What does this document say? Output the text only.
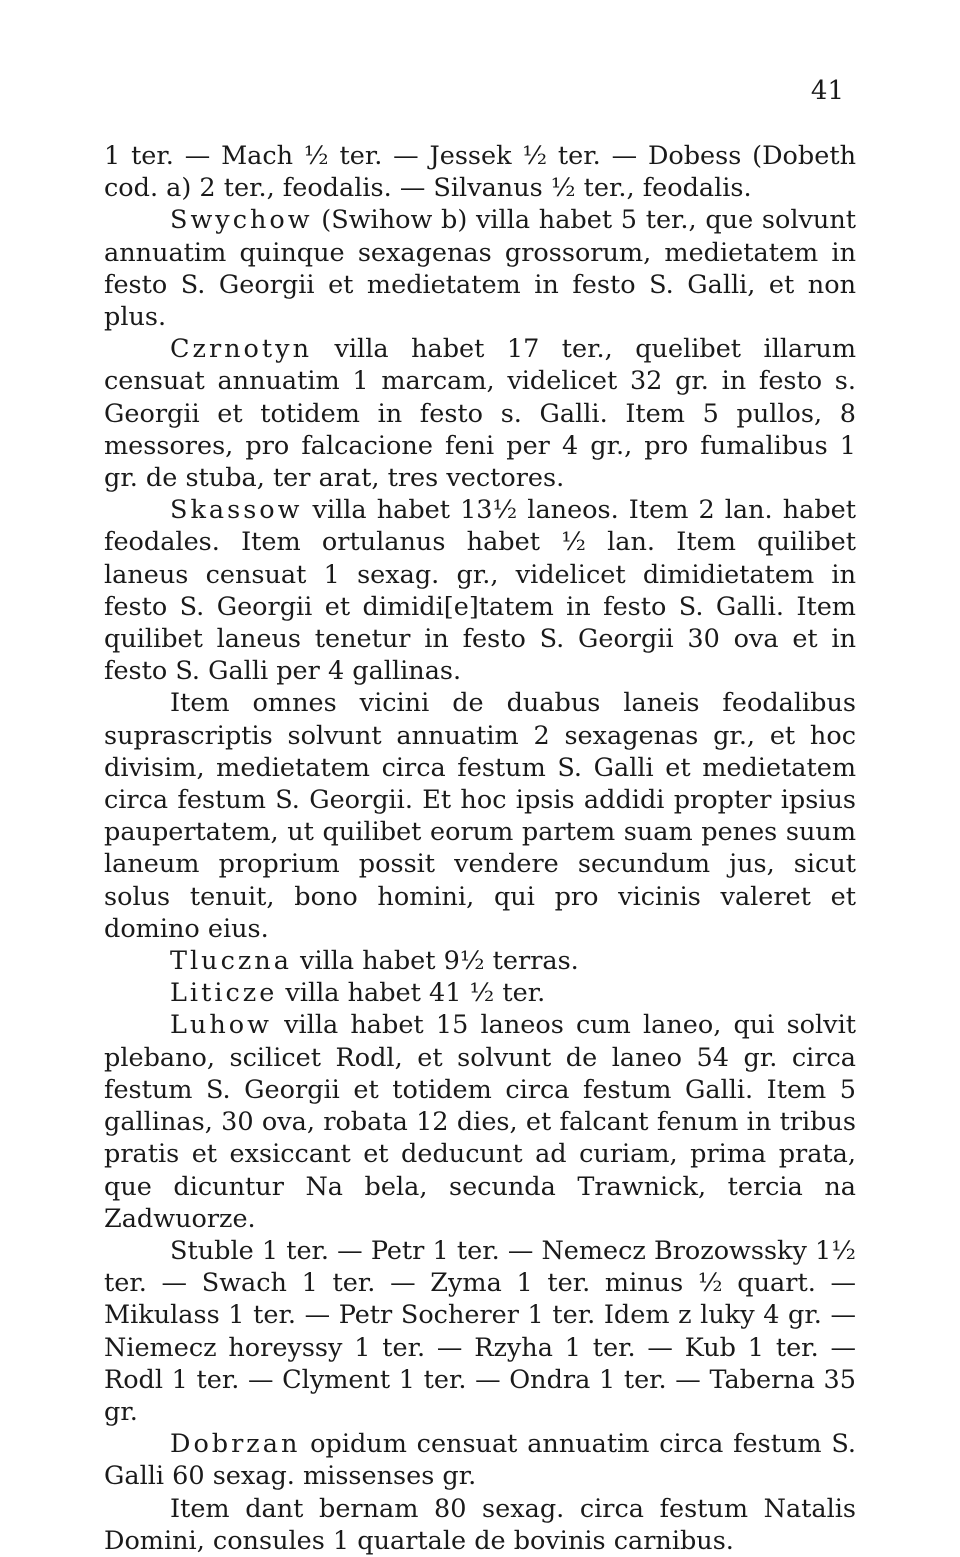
41

1 ter. — Mach ½ ter. — Jessek ½ ter. — Dobess (Dobeth cod. a) 2 ter., feodalis. — Silvanus ½ ter., feodalis.

Swychow (Swihow b) villa habet 5 ter., que solvunt annuatim quinque sexagenas grossorum, medietatem in festo S. Georgii et medietatem in festo S. Galli, et non plus.

Czrnotyn villa habet 17 ter., quelibet illarum censuat annuatim 1 marcam, videlicet 32 gr. in festo s. Georgii et totidem in festo s. Galli. Item 5 pullos, 8 messores, pro falcacione feni per 4 gr., pro fumalibus 1 gr. de stuba, ter arat, tres vectores.

Skassow villa habet 13½ laneos. Item 2 lan. habet feodales. Item ortulanus habet ½ lan. Item quilibet laneus censuat 1 sexag. gr., videlicet dimidietatem in festo S. Georgii et dimidi[e]tatem in festo S. Galli. Item quilibet laneus tenetur in festo S. Georgii 30 ova et in festo S. Galli per 4 gallinas.

Item omnes vicini de duabus laneis feodalibus suprascriptis solvunt annuatim 2 sexagenas gr., et hoc divisim, medietatem circa festum S. Galli et medietatem circa festum S. Georgii. Et hoc ipsis addidi propter ipsius paupertatem, ut quilibet eorum partem suam penes suum laneum proprium possit vendere secundum jus, sicut solus tenuit, bono homini, qui pro vicinis valeret et domino eius.

Tluczna villa habet 9½ terras.

Liticze villa habet 41 ½ ter.

Luhow villa habet 15 laneos cum laneo, qui solvit plebano, scilicet Rodl, et solvunt de laneo 54 gr. circa festum S. Georgii et totidem circa festum Galli. Item 5 gallinas, 30 ova, robata 12 dies, et falcant fenum in tribus pratis et exsiccant et deducunt ad curiam, prima prata, que dicuntur Na bela, secunda Trawnick, tercia na Zadwuorze.

Stuble 1 ter. — Petr 1 ter. — Nemecz Brozowssky 1½ ter. — Swach 1 ter. — Zyma 1 ter. minus ½ quart. — Mikulass 1 ter. — Petr Socherer 1 ter. Idem z luky 4 gr. — Niemecz horeyssy 1 ter. — Rzyha 1 ter. — Kub 1 ter. — Rodl 1 ter. — Clyment 1 ter. — Ondra 1 ter. — Taberna 35 gr.

Dobrzan opidum censuat annuatim circa festum S. Galli 60 sexag. missenses gr.

Item dant bernam 80 sexag. circa festum Natalis Domini, consules 1 quartale de bovinis carnibus.
